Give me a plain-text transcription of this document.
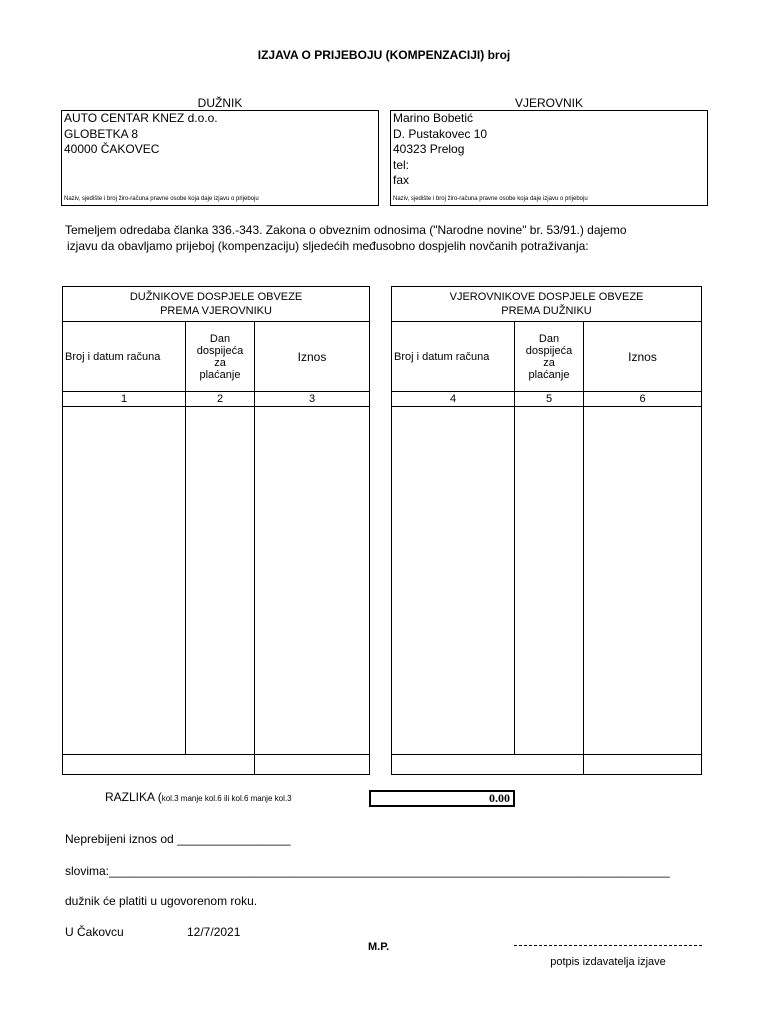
IZJAVA O PRIJEBOJU (KOMPENZACIJI) broj
DUŽNIK
AUTO CENTAR KNEZ d.o.o.
GLOBETKA 8
40000 ČAKOVEC
Naziv, sjedište i broj žiro-računa pravne osobe koja daje izjavu o prijeboju
VJEROVNIK
Marino Bobetić
D. Pustakovec 10
40323 Prelog
tel:
fax
Naziv, sjedište i broj žiro-računa pravne osobe koja daje izjavu o prijeboju
Temeljem odredaba članka 336.-343. Zakona o obveznim odnosima ("Narodne novine" br. 53/91.) dajemo
izjavu da obavljamo prijeboj (kompenzaciju) sljedećih međusobno dospjelih novčanih potraživanja:
DUŽNIKOVE DOSPJELE OBVEZE
PREMA VJEROVNIKU		

Broj i datum računa	Dan
dospijeća
za
plaćanje	Iznos
1	2	3

VJEROVNIKOVE DOSPJELE OBVEZE
PREMA DUŽNIKU		

Broj i datum računa	Dan
dospijeća
za
plaćanje	Iznos
4	5	6

RAZLIKA (kol.3 manje kol.6 ili kol.6 manje kol.3	0.00
Neprebijeni iznos od _________________
slovima:____________________________________________________________________________________
dužnik će platiti u ugovorenom roku.
U Čakovcu	12/7/2021
M.P.
potpis izdavatelja izjave
